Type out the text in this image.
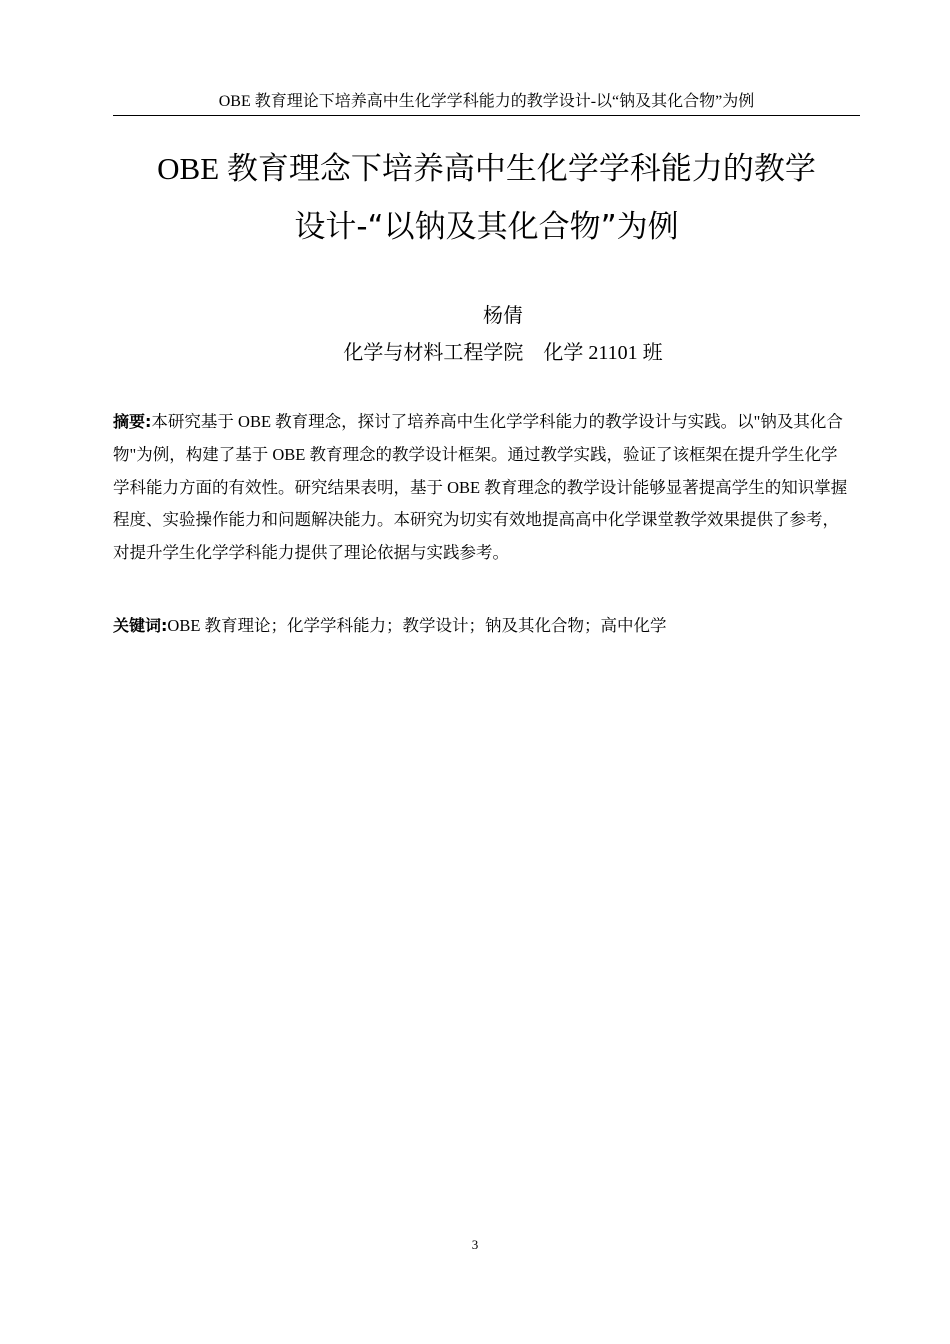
OBE 教育理论下培养高中生化学学科能力的教学设计-以“钠及其化合物”为例
OBE 教育理念下培养高中生化学学科能力的教学
设计-“以钠及其化合物”为例
杨倩
化学与材料工程学院    化学 21101 班
摘要:本研究基于 OBE 教育理念，探讨了培养高中生化学学科能力的教学设计与实践。以"钠及其化合物"为例，构建了基于 OBE 教育理念的教学设计框架。通过教学实践，验证了该框架在提升学生化学学科能力方面的有效性。研究结果表明，基于 OBE 教育理念的教学设计能够显著提高学生的知识掌握程度、实验操作能力和问题解决能力。本研究为切实有效地提高高中化学课堂教学效果提供了参考，对提升学生化学学科能力提供了理论依据与实践参考。
关键词:OBE 教育理论；化学学科能力；教学设计；钠及其化合物；高中化学
3
